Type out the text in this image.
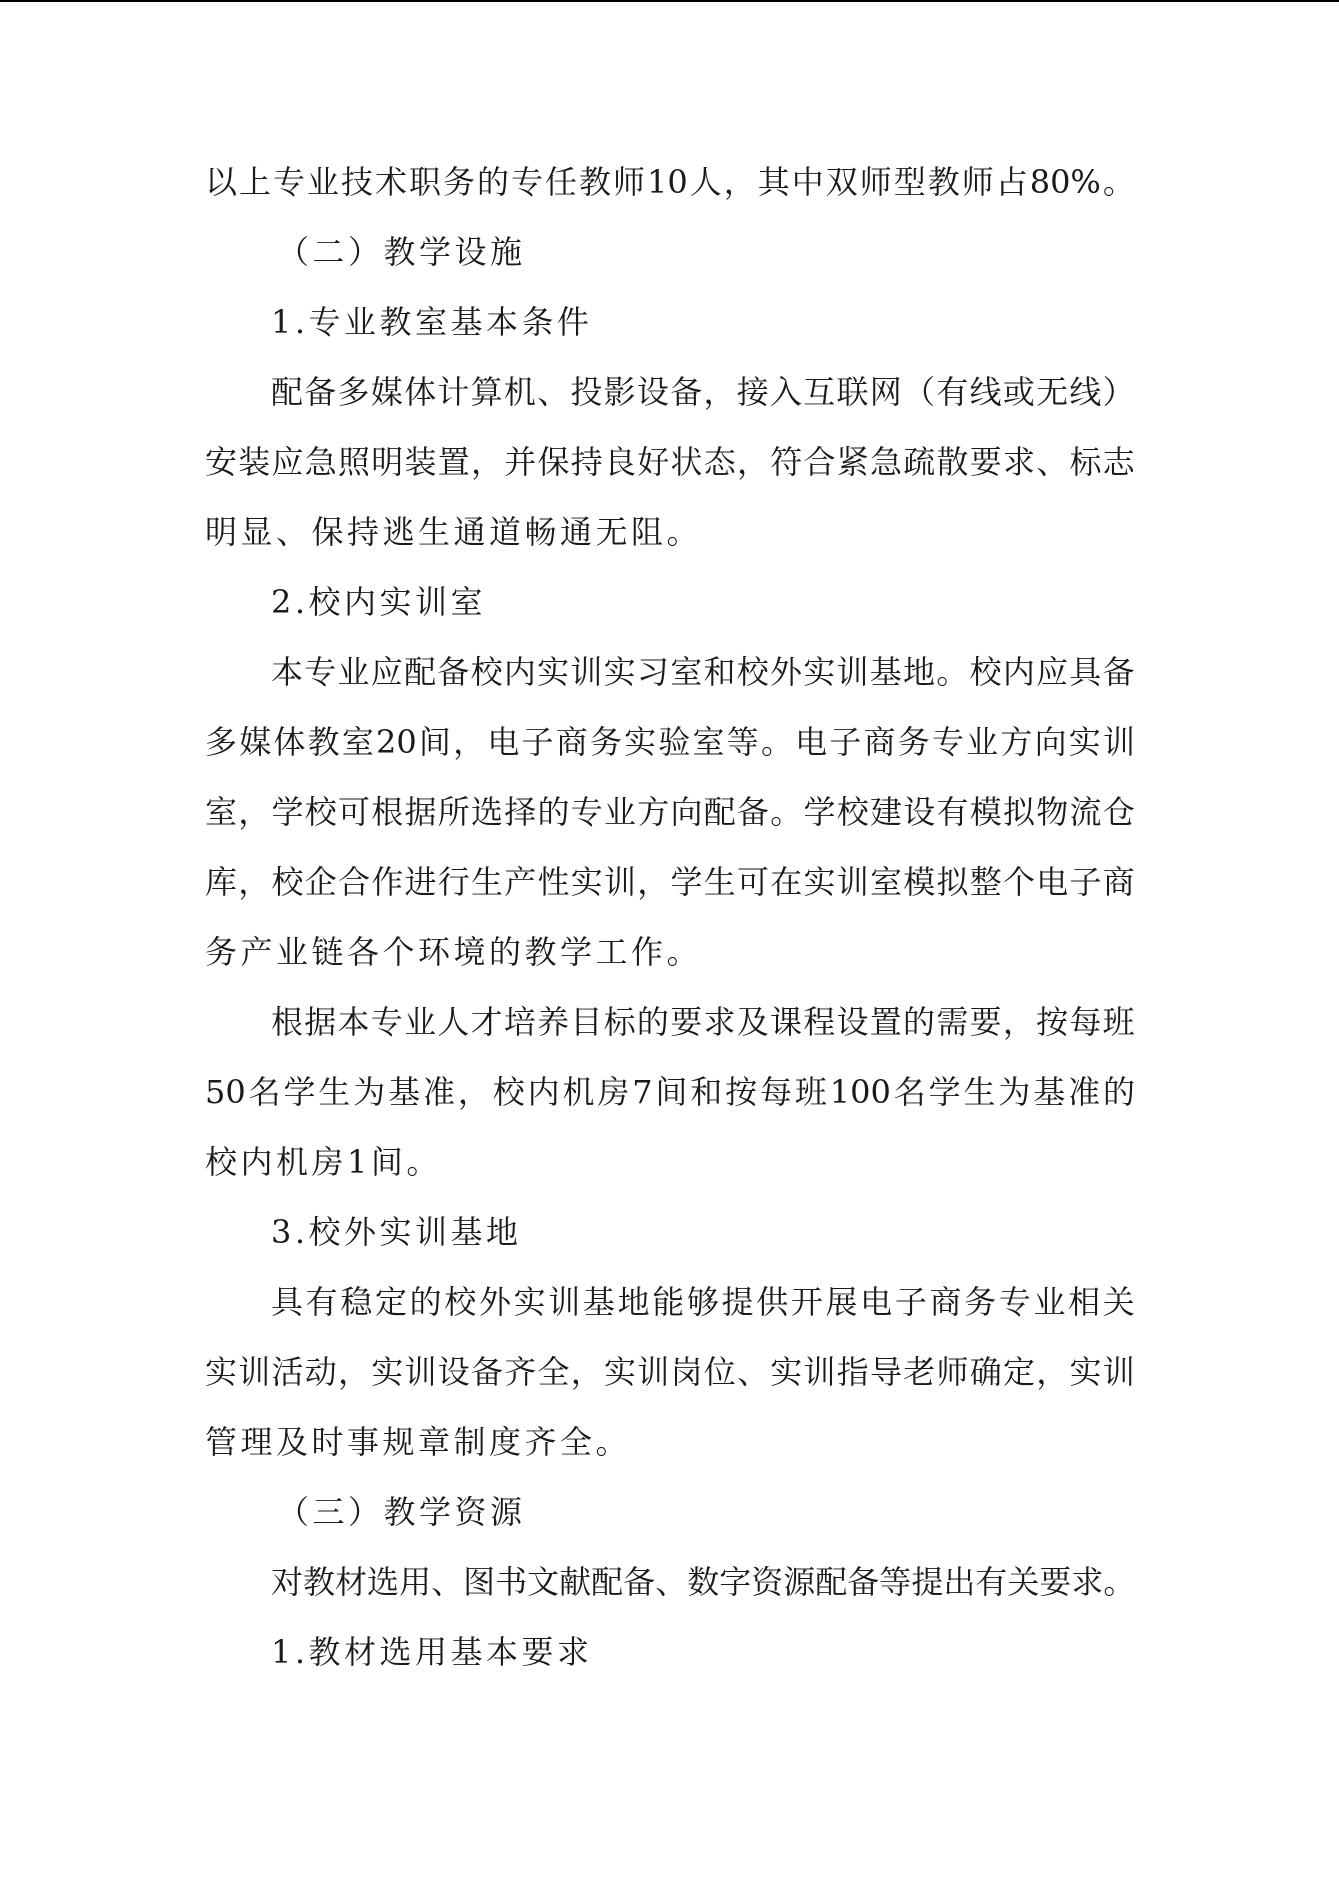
以 上 专 业 技 术 职 务 的 专 任 教 师 10 人 ， 其 中 双 师 型 教 师 占 80% 。
（二）教学设施
1.专业教室基本条件
配 备 多 媒 体 计 算 机 、 投 影 设 备 ， 接 入 互 联 网 （ 有 线 或 无 线 ）
安 装 应 急 照 明 装 置 ， 并 保 持 良 好 状 态 ， 符 合 紧 急 疏 散 要 求 、 标 志
明显、保持逃生通道畅通无阻。
2.校内实训室
本 专 业 应 配 备 校 内 实 训 实 习 室 和 校 外 实 训 基 地 。 校 内 应 具 备
多 媒 体 教 室 20 间 ， 电 子 商 务 实 验 室 等 。 电 子 商 务 专 业 方 向 实 训
室 ， 学 校 可 根 据 所 选 择 的 专 业 方 向 配 备 。 学 校 建 设 有 模 拟 物 流 仓
库 ， 校 企 合 作 进 行 生 产 性 实 训 ， 学 生 可 在 实 训 室 模 拟 整 个 电 子 商
务产业链各个环境的教学工作。
根 据 本 专 业 人 才 培 养 目 标 的 要 求 及 课 程 设 置 的 需 要 ， 按 每 班
50 名 学 生 为 基 准 ， 校 内 机 房 7 间 和 按 每 班 100 名 学 生 为 基 准 的
校内机房1间。
3.校外实训基地
具 有 稳 定 的 校 外 实 训 基 地 能 够 提 供 开 展 电 子 商 务 专 业 相 关
实 训 活 动 ， 实 训 设 备 齐 全 ， 实 训 岗 位 、 实 训 指 导 老 师 确 定 ， 实 训
管理及时事规章制度齐全。
（三）教学资源
对 教 材 选 用 、 图 书 文 献 配 备 、 数 字 资 源 配 备 等 提 出 有 关 要 求 。
1.教材选用基本要求
